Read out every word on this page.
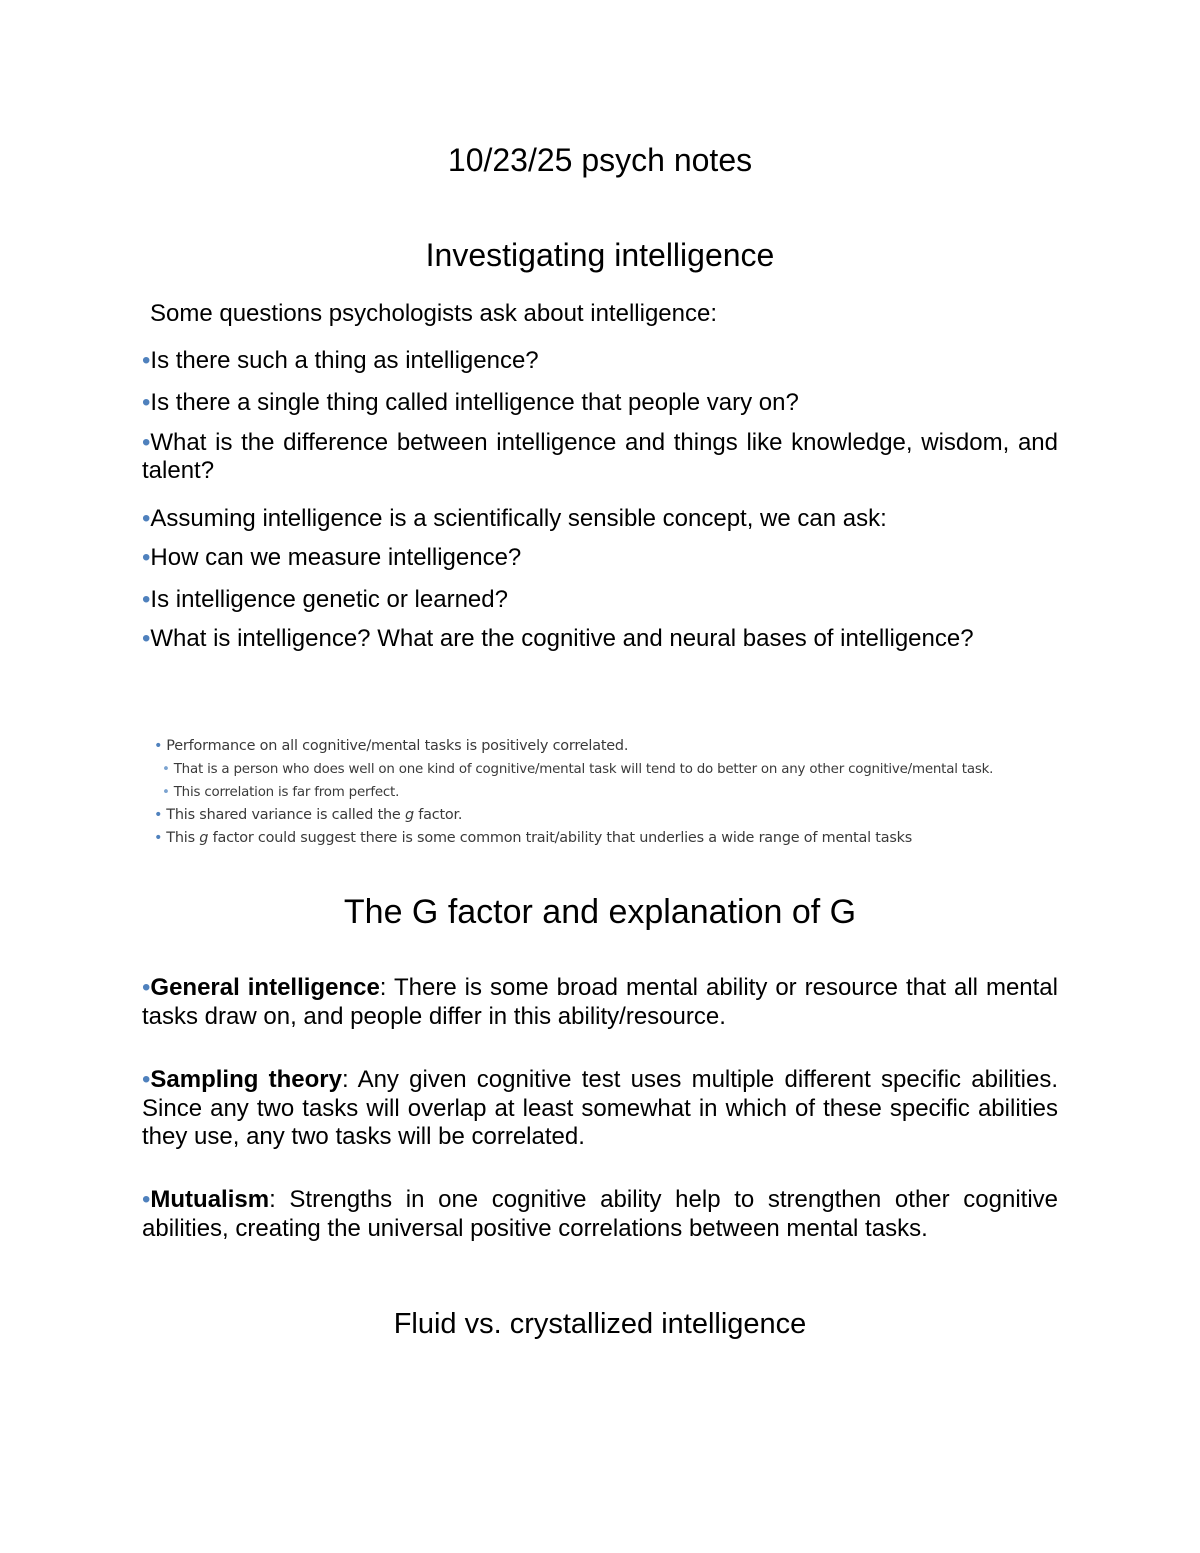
10/23/25 psych notes
Investigating intelligence

Some questions psychologists ask about intelligence:

•Is there such a thing as intelligence?

•Is there a single thing called intelligence that people vary on?

•What is the difference between intelligence and things like knowledge, wisdom, and talent?

•Assuming intelligence is a scientifically sensible concept, we can ask:

•How can we measure intelligence?

•Is intelligence genetic or learned?

•What is intelligence? What are the cognitive and neural bases of intelligence?

• Performance on all cognitive/mental tasks is positively correlated.
• That is a person who does well on one kind of cognitive/mental task will tend to do better on any other cognitive/mental task.
• This correlation is far from perfect.
• This shared variance is called the g factor.
• This g factor could suggest there is some common trait/ability that underlies a wide range of mental tasks
The G factor and explanation of G

•General intelligence: There is some broad mental ability or resource that all mental tasks draw on, and people differ in this ability/resource.

•Sampling theory: Any given cognitive test uses multiple different specific abilities. Since any two tasks will overlap at least somewhat in which of these specific abilities they use, any two tasks will be correlated.

•Mutualism: Strengths in one cognitive ability help to strengthen other cognitive abilities, creating the universal positive correlations between mental tasks.

Fluid vs. crystallized intelligence
